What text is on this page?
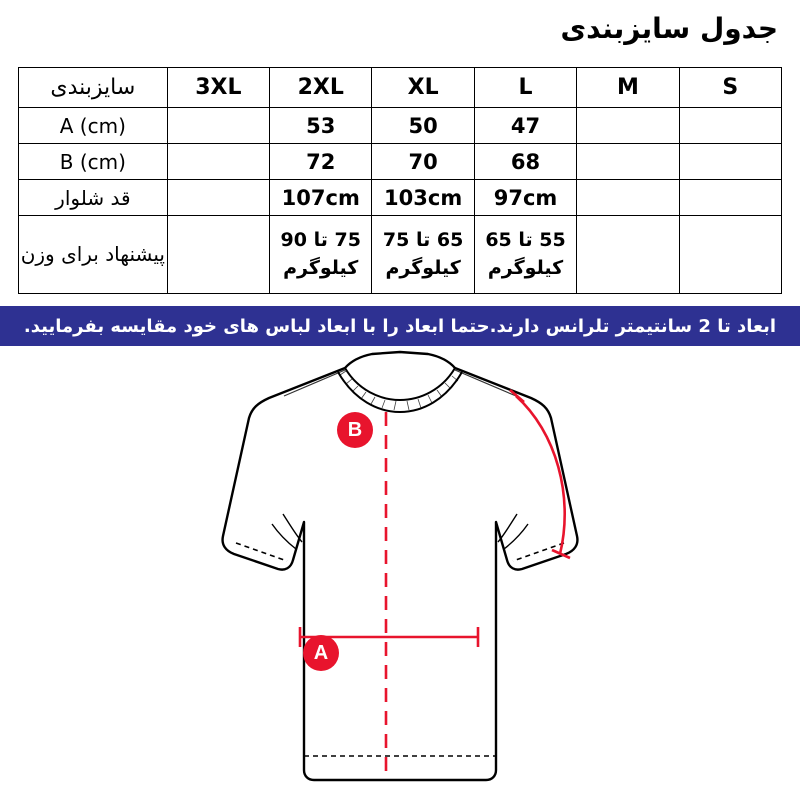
جدول سایزبندی
S	M	L	XL	2XL	3XL	سایزبندی
		47	50	53		A (cm)
		68	70	72		B (cm)
		97cm	103cm	107cm		قد شلوار
		55 تا 65 کیلوگرم	65 تا 75 کیلوگرم	75 تا 90 کیلوگرم		پیشنهاد برای وزن
ابعاد تا 2 سانتیمتر تلرانس دارند.حتما ابعاد را با ابعاد لباس های خود مقایسه بفرمایید.
B
A
